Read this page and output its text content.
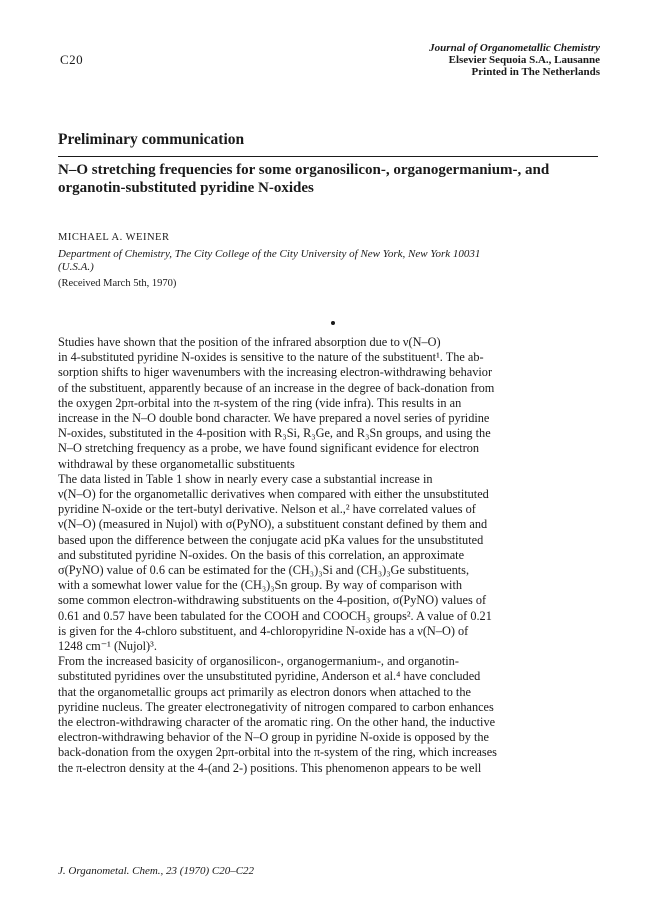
C20
Journal of Organometallic Chemistry
Elsevier Sequoia S.A., Lausanne
Printed in The Netherlands
Preliminary communication
N–O stretching frequencies for some organosilicon-, organogermanium-, and
organotin-substituted pyridine N-oxides
MICHAEL A. WEINER
Department of Chemistry, The City College of the City University of New York, New York 10031
(U.S.A.)
(Received March 5th, 1970)
Studies have shown that the position of the infrared absorption due to ν(N–O)
in 4-substituted pyridine N-oxides is sensitive to the nature of the substituent¹. The ab-
sorption shifts to higer wavenumbers with the increasing electron-withdrawing behavior
of the substituent, apparently because of an increase in the degree of back-donation from
the oxygen 2pπ-orbital into the π-system of the ring (vide infra). This results in an
increase in the N–O double bond character. We have prepared a novel series of pyridine
N-oxides, substituted in the 4-position with R₃Si, R₃Ge, and R₃Sn groups, and using the
N–O stretching frequency as a probe, we have found significant evidence for electron
withdrawal by these organometallic substituents
The data listed in Table 1 show in nearly every case a substantial increase in
ν(N–O) for the organometallic derivatives when compared with either the unsubstituted
pyridine N-oxide or the tert-butyl derivative. Nelson et al.,² have correlated values of
ν(N–O) (measured in Nujol) with σ(PyNO), a substituent constant defined by them and
based upon the difference between the conjugate acid pKa values for the unsubstituted
and substituted pyridine N-oxides. On the basis of this correlation, an approximate
σ(PyNO) value of 0.6 can be estimated for the (CH₃)₃Si and (CH₃)₃Ge substituents,
with a somewhat lower value for the (CH₃)₃Sn group. By way of comparison with
some common electron-withdrawing substituents on the 4-position, σ(PyNO) values of
0.61 and 0.57 have been tabulated for the COOH and COOCH₃ groups². A value of 0.21
is given for the 4-chloro substituent, and 4-chloropyridine N-oxide has a ν(N–O) of
1248 cm⁻¹ (Nujol)³.
From the increased basicity of organosilicon-, organogermanium-, and organotin-
substituted pyridines over the unsubstituted pyridine, Anderson et al.⁴ have concluded
that the organometallic groups act primarily as electron donors when attached to the
pyridine nucleus. The greater electronegativity of nitrogen compared to carbon enhances
the electron-withdrawing character of the aromatic ring. On the other hand, the inductive
electron-withdrawing behavior of the N–O group in pyridine N-oxide is opposed by the
back-donation from the oxygen 2pπ-orbital into the π-system of the ring, which increases
the π-electron density at the 4-(and 2-) positions. This phenomenon appears to be well
J. Organometal. Chem., 23 (1970) C20–C22
